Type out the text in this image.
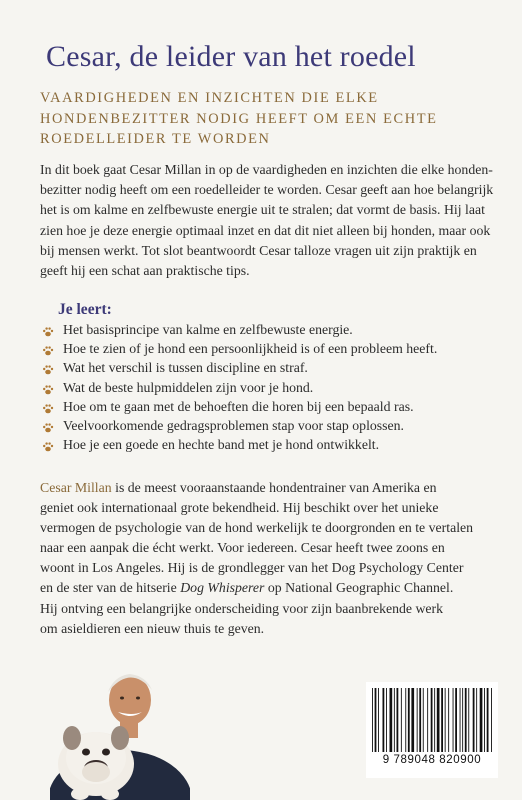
Cesar, de leider van het roedel
VAARDIGHEDEN EN INZICHTEN DIE ELKE
HONDENBEZITTER NODIG HEEFT OM EEN ECHTE
ROEDELLEIDER TE WORDEN
In dit boek gaat Cesar Millan in op de vaardigheden en inzichten die elke honden-
bezitter nodig heeft om een roedelleider te worden. Cesar geeft aan hoe belangrijk
het is om kalme en zelfbewuste energie uit te stralen; dat vormt de basis. Hij laat
zien hoe je deze energie optimaal inzet en dat dit niet alleen bij honden, maar ook
bij mensen werkt. Tot slot beantwoordt Cesar talloze vragen uit zijn praktijk en
geeft hij een schat aan praktische tips.
Je leert:
Het basisprincipe van kalme en zelfbewuste energie.
Hoe te zien of je hond een persoonlijkheid is of een probleem heeft.
Wat het verschil is tussen discipline en straf.
Wat de beste hulpmiddelen zijn voor je hond.
Hoe om te gaan met de behoeften die horen bij een bepaald ras.
Veelvoorkomende gedragsproblemen stap voor stap oplossen.
Hoe je een goede en hechte band met je hond ontwikkelt.
Cesar Millan is de meest vooraanstaande hondentrainer van Amerika en
geniet ook internationaal grote bekendheid. Hij beschikt over het unieke
vermogen de psychologie van de hond werkelijk te doorgronden en te vertalen
naar een aanpak die écht werkt. Voor iedereen. Cesar heeft twee zoons en
woont in Los Angeles. Hij is de grondlegger van het Dog Psychology Center
en de ster van de hitserie Dog Whisperer op National Geographic Channel.
Hij ontving een belangrijke onderscheiding voor zijn baanbrekende werk
om asieldieren een nieuw thuis te geven.
9 789048 820900
